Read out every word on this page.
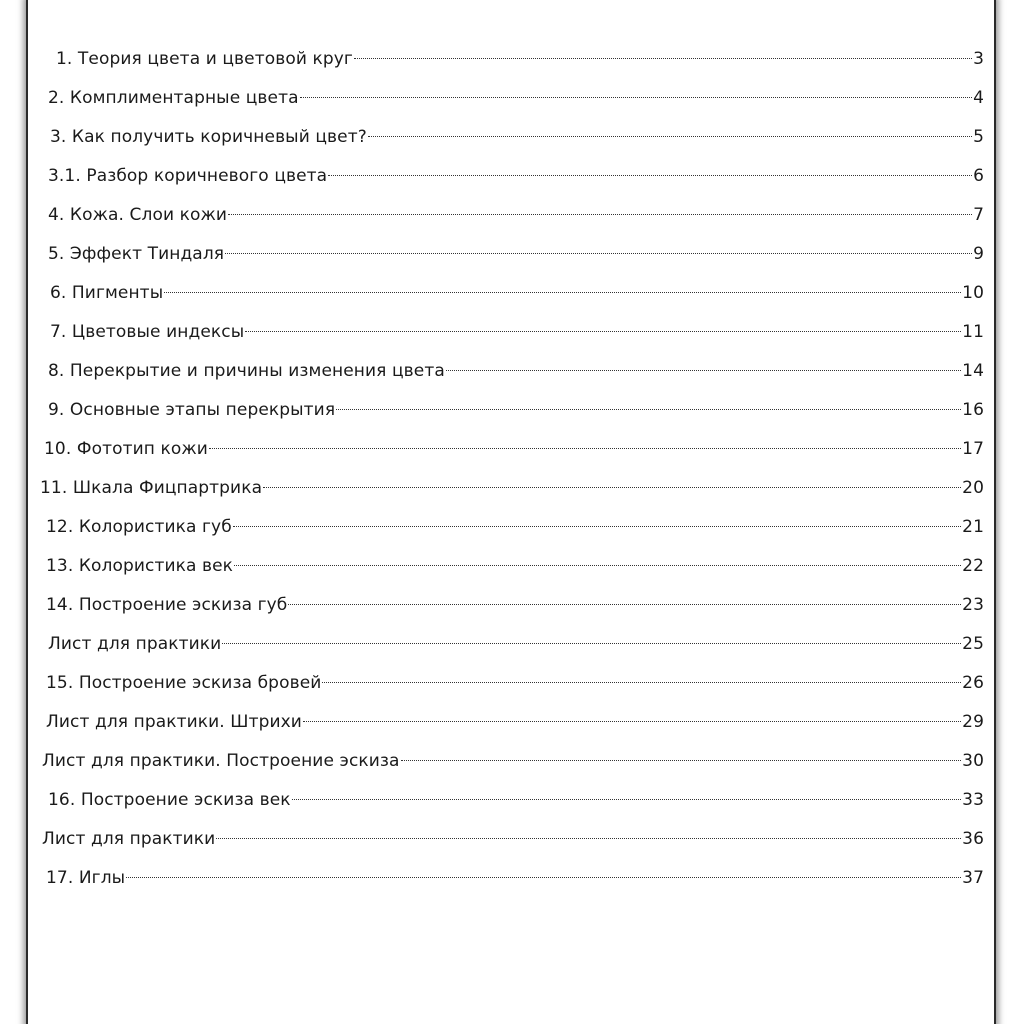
1. Теория цвета и цветовой круг	3
2. Комплиментарные цвета	4
3. Как получить коричневый цвет?	5
3.1. Разбор коричневого цвета	6
4. Кожа. Слои кожи	7
5. Эффект Тиндаля	9
6. Пигменты	10
7. Цветовые индексы	11
8. Перекрытие и причины изменения цвета	14
9. Основные этапы перекрытия	16
10. Фототип кожи	17
11. Шкала Фицпартрика	20
12. Колористика губ	21
13. Колористика век	22
14. Построение эскиза губ	23
Лист для практики	25
15. Построение эскиза бровей	26
Лист для практики. Штрихи	29
Лист для практики. Построение эскиза	30
16. Построение эскиза век	33
Лист для практики	36
17. Иглы	37
